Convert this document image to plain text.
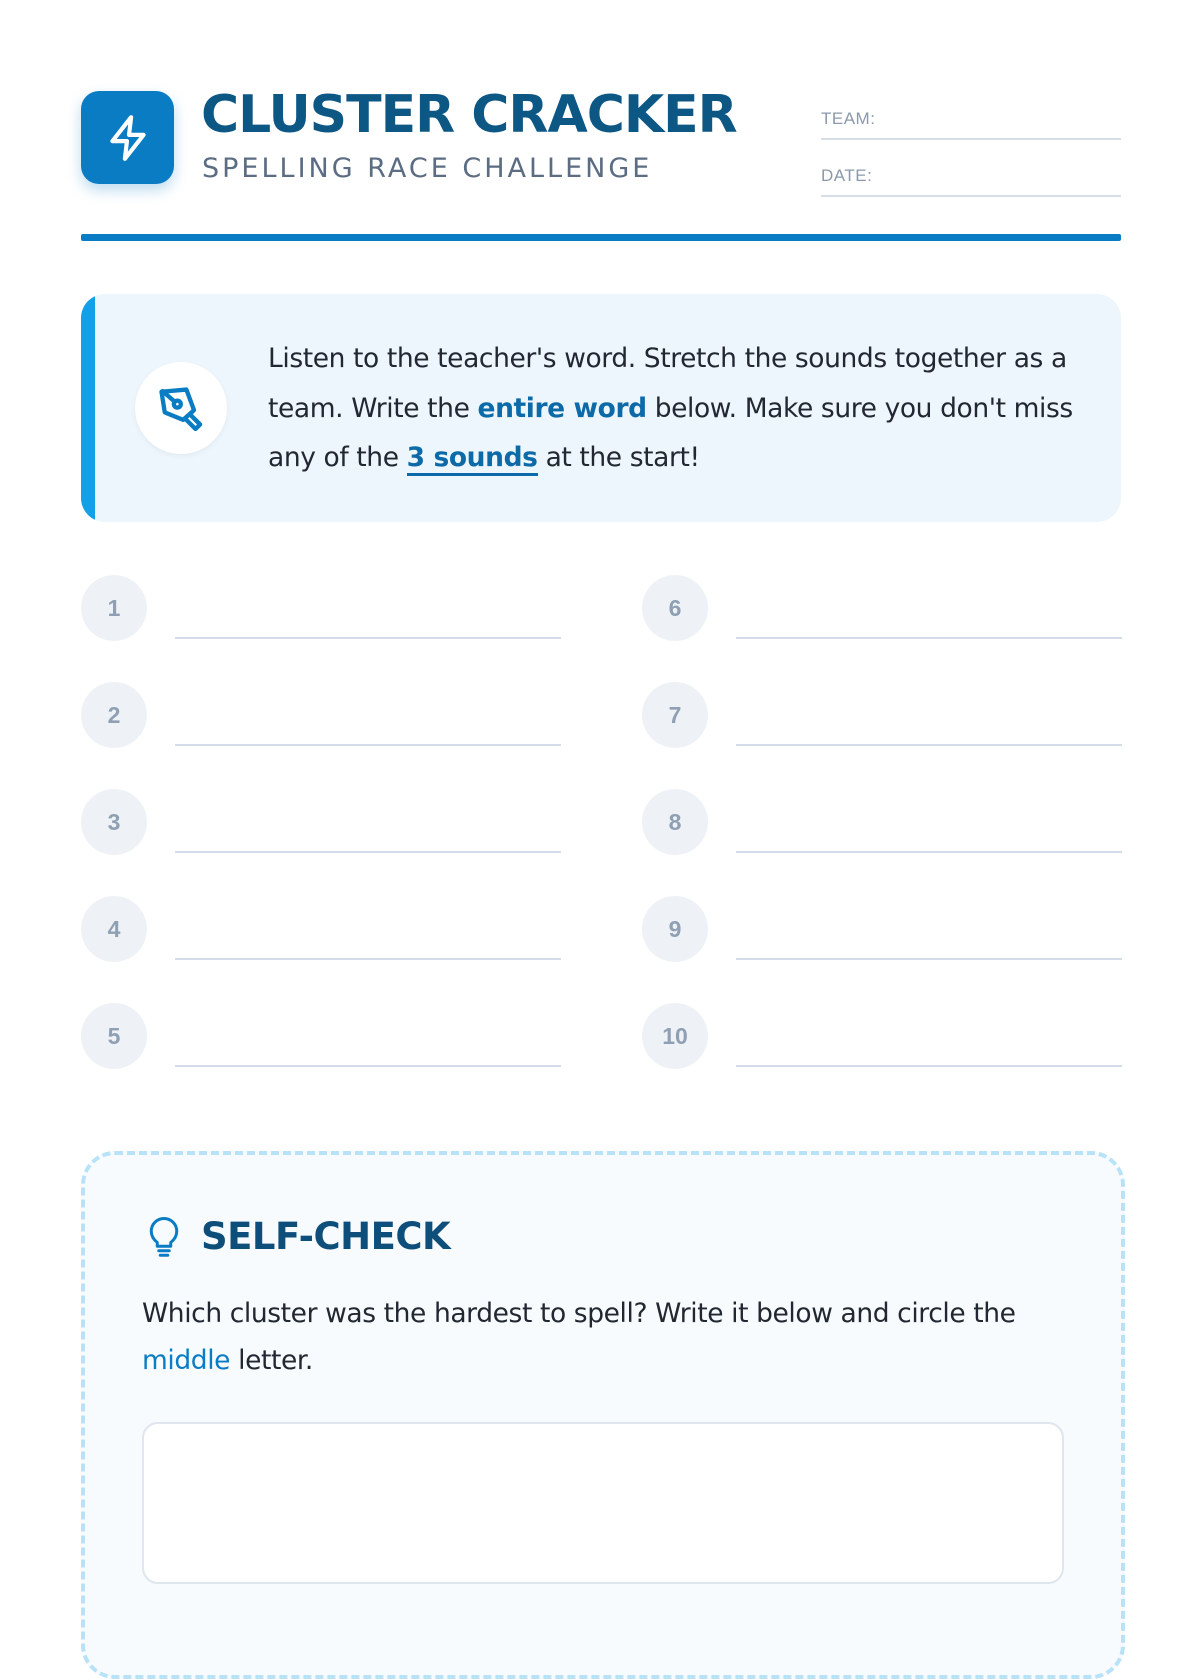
CLUSTER CRACKER

SPELLING RACE CHALLENGE

TEAM:
DATE:
Listen to the teacher's word. Stretch the sounds together as a team. Write the entire word below. Make sure you don't miss any of the 3 sounds at the start!
1
2
3
4
5
6
7
8
9
10
SELF-CHECK
Which cluster was the hardest to spell? Write it below and circle the middle letter.
